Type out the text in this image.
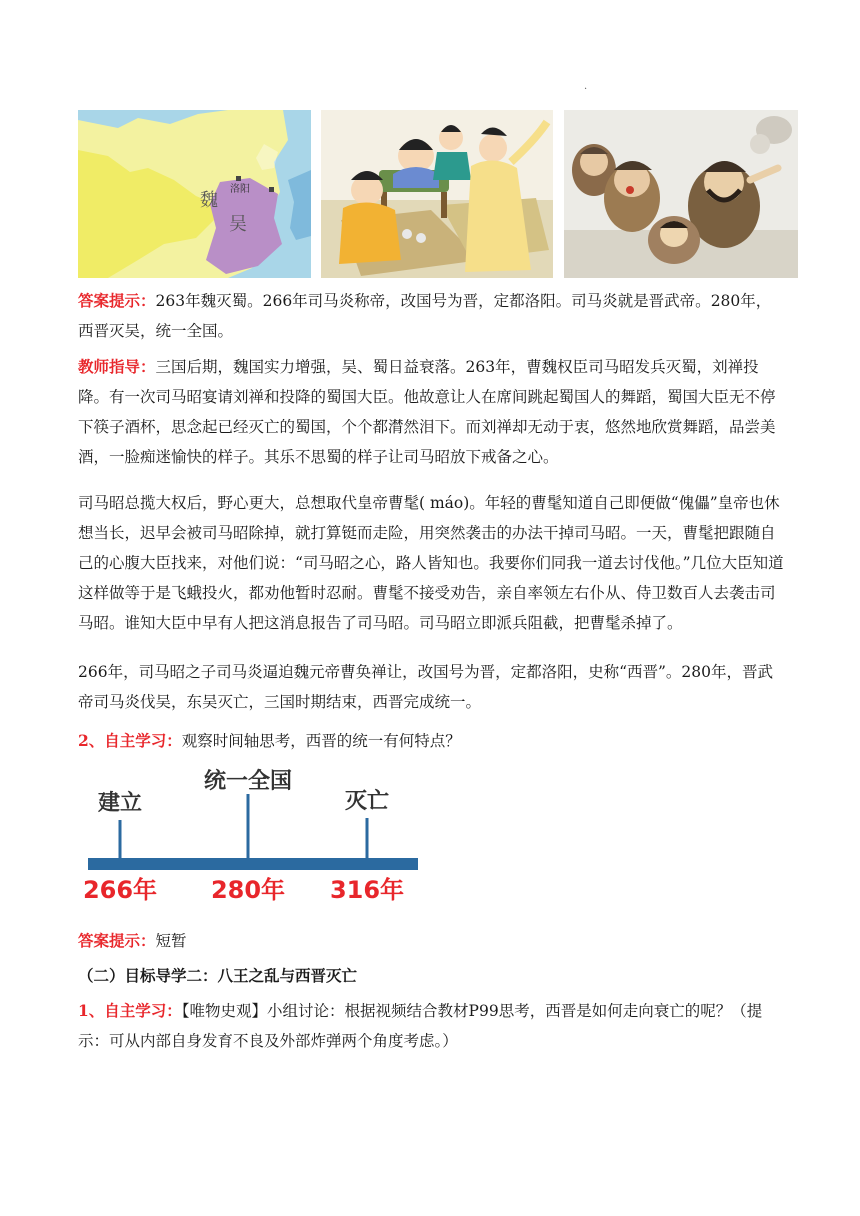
·
魏
吴
洛阳

答案提示：263年魏灭蜀。266年司马炎称帝，改国号为晋，定都洛阳。司马炎就是晋武帝。280年，西晋灭吴，统一全国。

教师指导：三国后期，魏国实力增强，吴、蜀日益衰落。263年，曹魏权臣司马昭发兵灭蜀，刘禅投降。有一次司马昭宴请刘禅和投降的蜀国大臣。他故意让人在席间跳起蜀国人的舞蹈，蜀国大臣无不停下筷子酒杯，思念起已经灭亡的蜀国，个个都潸然泪下。而刘禅却无动于衷，悠然地欣赏舞蹈，品尝美酒，一脸痴迷愉快的样子。其乐不思蜀的样子让司马昭放下戒备之心。

司马昭总揽大权后，野心更大，总想取代皇帝曹髦( máo)。年轻的曹髦知道自己即便做“傀儡”皇帝也休想当长，迟早会被司马昭除掉，就打算铤而走险，用突然袭击的办法干掉司马昭。一天，曹髦把跟随自己的心腹大臣找来，对他们说：“司马昭之心，路人皆知也。我要你们同我一道去讨伐他。”几位大臣知道这样做等于是飞蛾投火，都劝他暂时忍耐。曹髦不接受劝告，亲自率领左右仆从、侍卫数百人去袭击司马昭。谁知大臣中早有人把这消息报告了司马昭。司马昭立即派兵阻截，把曹髦杀掉了。

266年，司马昭之子司马炎逼迫魏元帝曹奂禅让，改国号为晋，定都洛阳，史称“西晋”。280年，晋武帝司马炎伐吴，东吴灭亡，三国时期结束，西晋完成统一。

2、自主学习：观察时间轴思考，西晋的统一有何特点？

建立
统一全国
灭亡
266年 280年 316年

答案提示：短暂

（二）目标导学二：八王之乱与西晋灭亡

1、自主学习：【唯物史观】小组讨论：根据视频结合教材P99思考，西晋是如何走向衰亡的呢？（提示：可从内部自身发育不良及外部炸弹两个角度考虑。）
